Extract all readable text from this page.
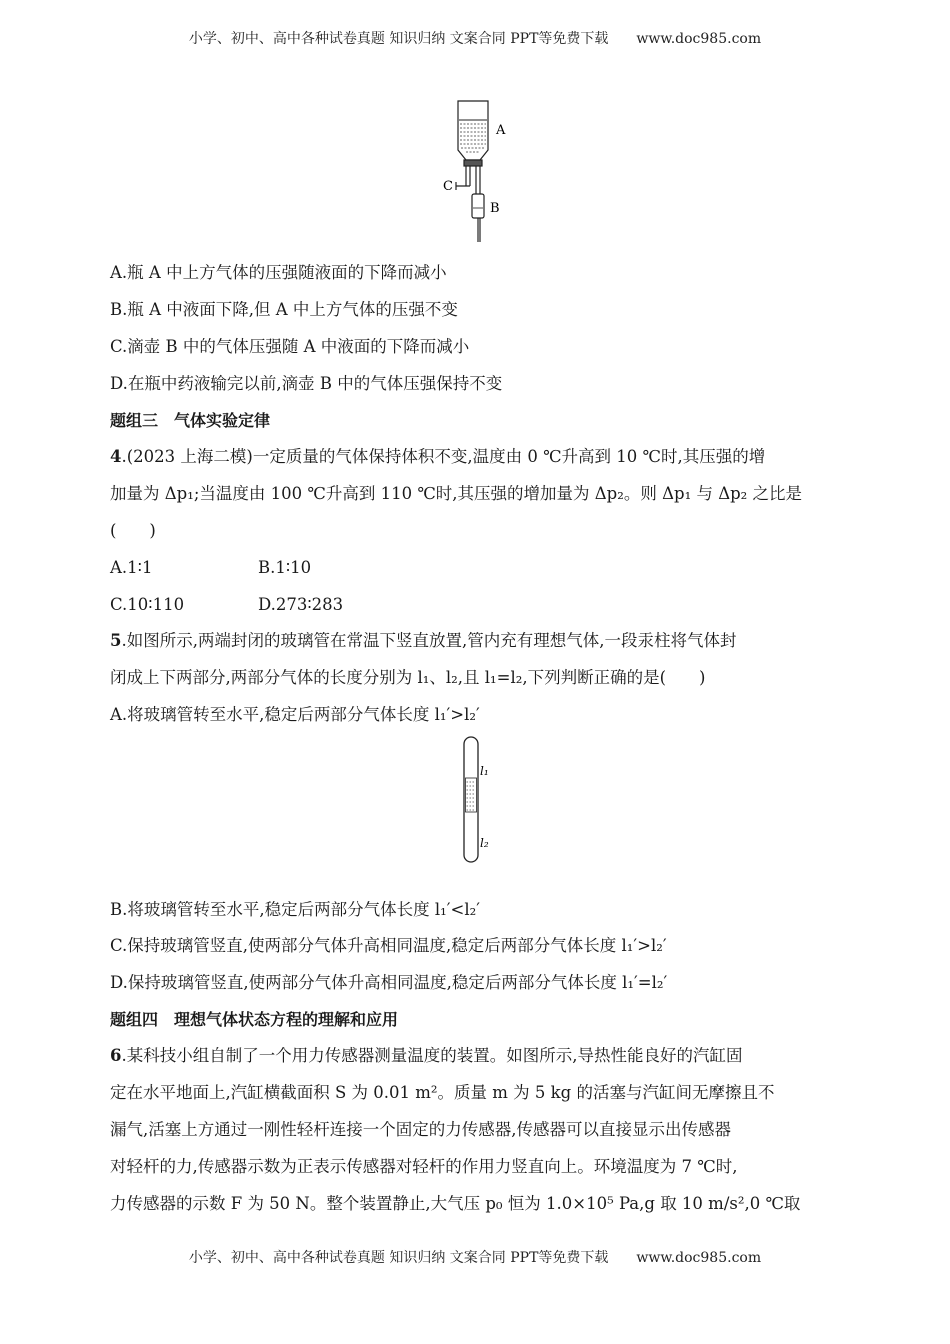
小学、初中、高中各种试卷真题 知识归纳 文案合同 PPT等免费下载 www.doc985.com
A
C
B
A.瓶 A 中上方气体的压强随液面的下降而减小
B.瓶 A 中液面下降,但 A 中上方气体的压强不变
C.滴壶 B 中的气体压强随 A 中液面的下降而减小
D.在瓶中药液输完以前,滴壶 B 中的气体压强保持不变
题组三　气体实验定律
4.(2023 上海二模)一定质量的气体保持体积不变,温度由 0 ℃升高到 10 ℃时,其压强的增
加量为 Δp₁;当温度由 100 ℃升高到 110 ℃时,其压强的增加量为 Δp₂。则 Δp₁ 与 Δp₂ 之比是
(　　)
A.1∶1	B.1∶10
C.10∶110	D.273∶283
5.如图所示,两端封闭的玻璃管在常温下竖直放置,管内充有理想气体,一段汞柱将气体封
闭成上下两部分,两部分气体的长度分别为 l₁、l₂,且 l₁=l₂,下列判断正确的是(　　)
A.将玻璃管转至水平,稳定后两部分气体长度 l₁′>l₂′
l₁
l₂
B.将玻璃管转至水平,稳定后两部分气体长度 l₁′<l₂′
C.保持玻璃管竖直,使两部分气体升高相同温度,稳定后两部分气体长度 l₁′>l₂′
D.保持玻璃管竖直,使两部分气体升高相同温度,稳定后两部分气体长度 l₁′=l₂′
题组四　理想气体状态方程的理解和应用
6.某科技小组自制了一个用力传感器测量温度的装置。如图所示,导热性能良好的汽缸固
定在水平地面上,汽缸横截面积 S 为 0.01 m²。质量 m 为 5 kg 的活塞与汽缸间无摩擦且不
漏气,活塞上方通过一刚性轻杆连接一个固定的力传感器,传感器可以直接显示出传感器
对轻杆的力,传感器示数为正表示传感器对轻杆的作用力竖直向上。环境温度为 7 ℃时,
力传感器的示数 F 为 50 N。整个装置静止,大气压 p₀ 恒为 1.0×10⁵ Pa,g 取 10 m/s²,0 ℃取
小学、初中、高中各种试卷真题 知识归纳 文案合同 PPT等免费下载 www.doc985.com
